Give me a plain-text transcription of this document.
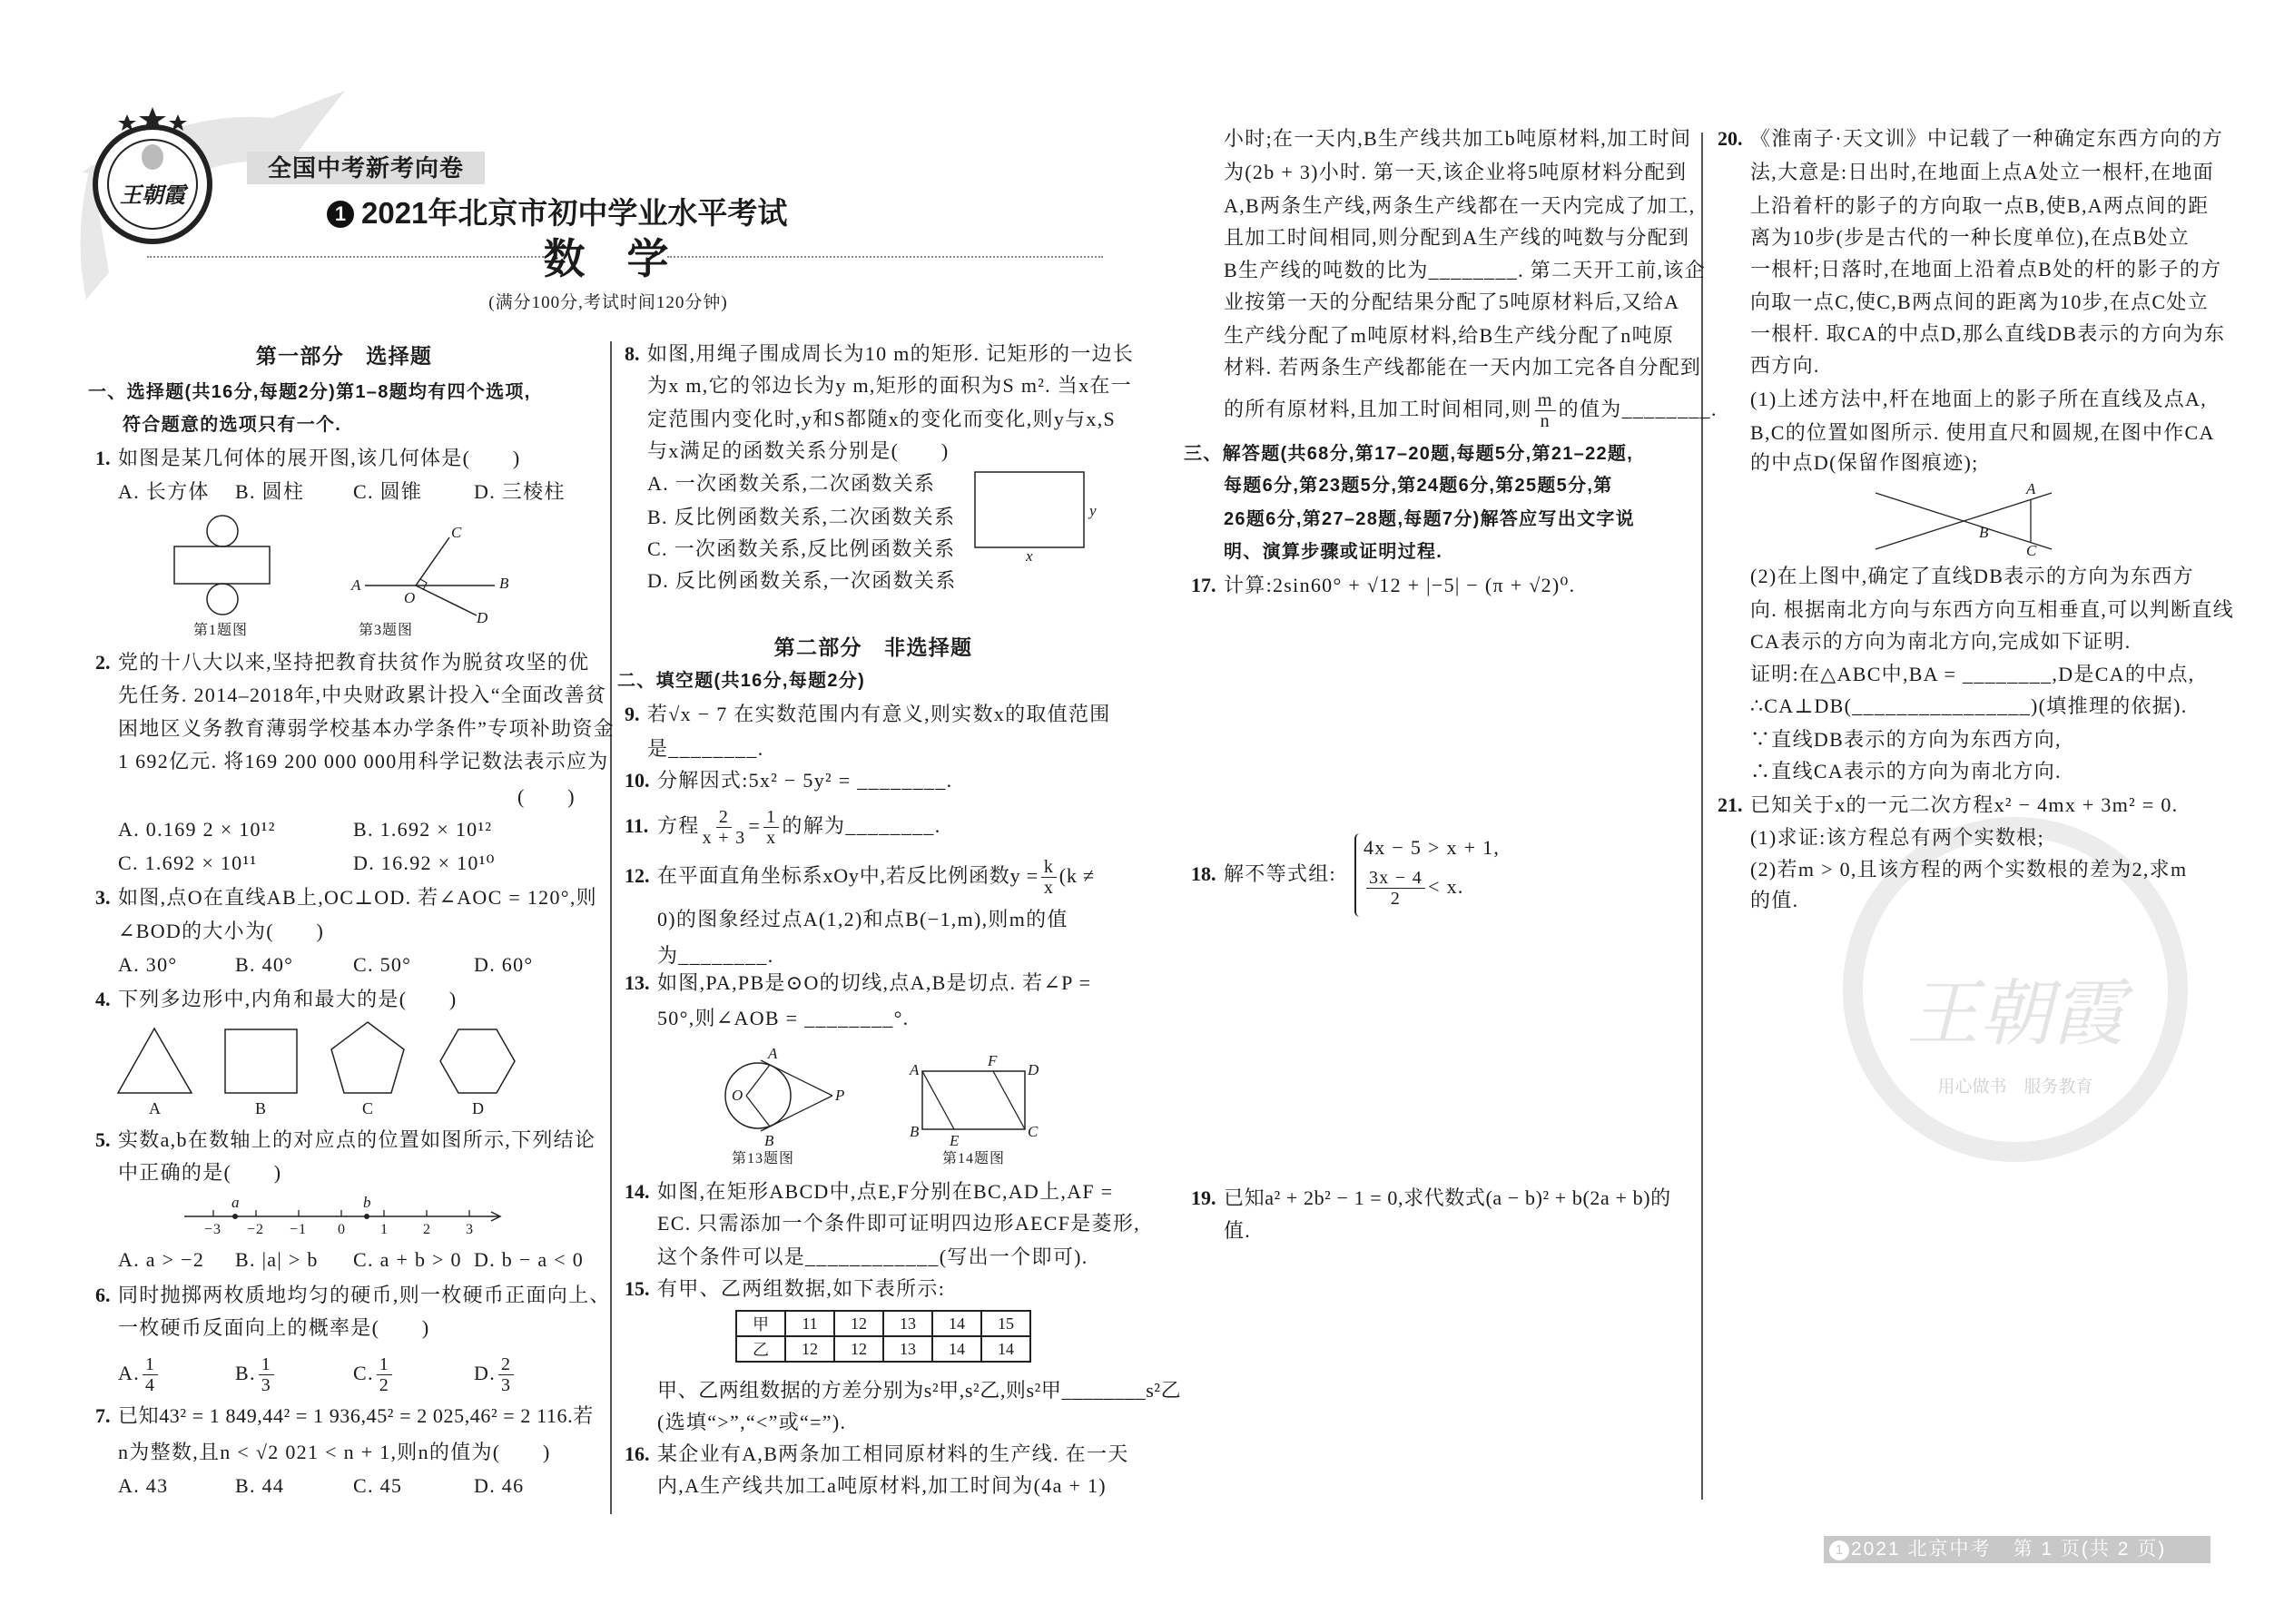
王朝霞
全国中考新考向卷
1 2021年北京市初中学业水平考试
数　学
(满分100分,考试时间120分钟)
王朝霞
用心做书　服务教育
第一部分　选择题
一、选择题(共16分,每题2分)第1–8题均有四个选项,
符合题意的选项只有一个.
1. 如图是某几何体的展开图,该几何体是(　　)
A. 长方体 B. 圆柱 C. 圆锥	D. 三棱柱
第1题图
A	B
C
D
O
第3题图
2. 党的十八大以来,坚持把教育扶贫作为脱贫攻坚的优
先任务. 2014–2018年,中央财政累计投入“全面改善贫
困地区义务教育薄弱学校基本办学条件”专项补助资金
1 692亿元. 将169 200 000 000用科学记数法表示应为
(　　)
A. 0.169 2 × 10¹²	B. 1.692 × 10¹²
C. 1.692 × 10¹¹	D. 16.92 × 10¹⁰
3. 如图,点O在直线AB上,OC⊥OD. 若∠AOC = 120°,则
∠BOD的大小为(　　)
A. 30°	B. 40°	C. 50°	D. 60°
4. 下列多边形中,内角和最大的是(　　)
A	B	C	D
5. 实数a,b在数轴上的对应点的位置如图所示,下列结论
中正确的是(　　)
−3 −2 −1 0 1 2 3
a	b
A. a > −2 B. |a| > b C. a + b > 0 D. b − a < 0
6. 同时抛掷两枚质地均匀的硬币,则一枚硬币正面向上、
一枚硬币反面向上的概率是(　　)
A. $\frac{1}{4}$	B. $\frac{1}{3}$	C. $\frac{1}{2}$	D. $\frac{2}{3}$
7. 已知43² = 1 849,44² = 1 936,45² = 2 025,46² = 2 116.若
n为整数,且n < √2 021 < n + 1,则n的值为(　　)
A. 43	B. 44	C. 45	D. 46
8. 如图,用绳子围成周长为10 m的矩形. 记矩形的一边长
为x m,它的邻边长为y m,矩形的面积为S m². 当x在一
定范围内变化时,y和S都随x的变化而变化,则y与x,S
与x满足的函数关系分别是(　　)
A. 一次函数关系,二次函数关系
B. 反比例函数关系,二次函数关系
C. 一次函数关系,反比例函数关系
D. 反比例函数关系,一次函数关系
y
x
第二部分　非选择题
二、填空题(共16分,每题2分)
9. 若√x − 7 在实数范围内有意义,则实数x的取值范围
是________.
10. 分解因式:5x² − 5y² = ________.
11. 方程 $\frac{2}{x + 3} = \frac{1}{x}$ 的解为________.
12. 在平面直角坐标系xOy中,若反比例函数$y = \frac{k}{x} (k$ ≠
0)的图象经过点A(1,2)和点B(−1,m),则m的值
为________.
13. 如图,PA,PB是⊙O的切线,点A,B是切点. 若∠P =
50°,则∠AOB = ________°.
A
B
O	P
第13题图
A	D
B	C
F
E
第14题图
14. 如图,在矩形ABCD中,点E,F分别在BC,AD上,AF =
EC. 只需添加一个条件即可证明四边形AECF是菱形,
这个条件可以是____________(写出一个即可).
15. 有甲、乙两组数据,如下表所示:
甲	11	12	13	14	15
乙	12	12	13	14	14
甲、乙两组数据的方差分别为s²甲,s²乙,则s²甲________s²乙
(选填“>”,“<”或“=”).
16. 某企业有A,B两条加工相同原材料的生产线. 在一天
内,A生产线共加工a吨原材料,加工时间为(4a + 1)
小时;在一天内,B生产线共加工b吨原材料,加工时间
为(2b + 3)小时. 第一天,该企业将5吨原材料分配到
A,B两条生产线,两条生产线都在一天内完成了加工,
且加工时间相同,则分配到A生产线的吨数与分配到
B生产线的吨数的比为________. 第二天开工前,该企
业按第一天的分配结果分配了5吨原材料后,又给A
生产线分配了m吨原材料,给B生产线分配了n吨原
材料. 若两条生产线都能在一天内加工完各自分配到
的所有原材料,且加工时间相同,则 $\frac{m}{n}$ 的值为________.
三、解答题(共68分,第17–20题,每题5分,第21–22题,
每题6分,第23题5分,第24题6分,第25题5分,第
26题6分,第27–28题,每题7分)解答应写出文字说
明、演算步骤或证明过程.
17. 计算:2sin60° + √12 + |−5| − (π + √2)⁰.
18. 解不等式组:
4x − 5 > x + 1,
$\frac{3x - 4}{2} < x$.
19. 已知a² + 2b² − 1 = 0,求代数式(a − b)² + b(2a + b)的
值.
20. 《淮南子·天文训》中记载了一种确定东西方向的方
法,大意是:日出时,在地面上点A处立一根杆,在地面
上沿着杆的影子的方向取一点B,使B,A两点间的距
离为10步(步是古代的一种长度单位),在点B处立
一根杆;日落时,在地面上沿着点B处的杆的影子的方
向取一点C,使C,B两点间的距离为10步,在点C处立
一根杆. 取CA的中点D,那么直线DB表示的方向为东
西方向.
(1)上述方法中,杆在地面上的影子所在直线及点A,
B,C的位置如图所示. 使用直尺和圆规,在图中作CA
的中点D(保留作图痕迹);
A
B
C
(2)在上图中,确定了直线DB表示的方向为东西方
向. 根据南北方向与东西方向互相垂直,可以判断直线
CA表示的方向为南北方向,完成如下证明.
证明:在△ABC中,BA = ________,D是CA的中点,
∴CA⊥DB(________________)(填推理的依据).
∵直线DB表示的方向为东西方向,
∴直线CA表示的方向为南北方向.
21. 已知关于x的一元二次方程x² − 4mx + 3m² = 0.
(1)求证:该方程总有两个实数根;
(2)若m > 0,且该方程的两个实数根的差为2,求m
的值.
1 2021 北京中考 第 1 页(共 2 页)
